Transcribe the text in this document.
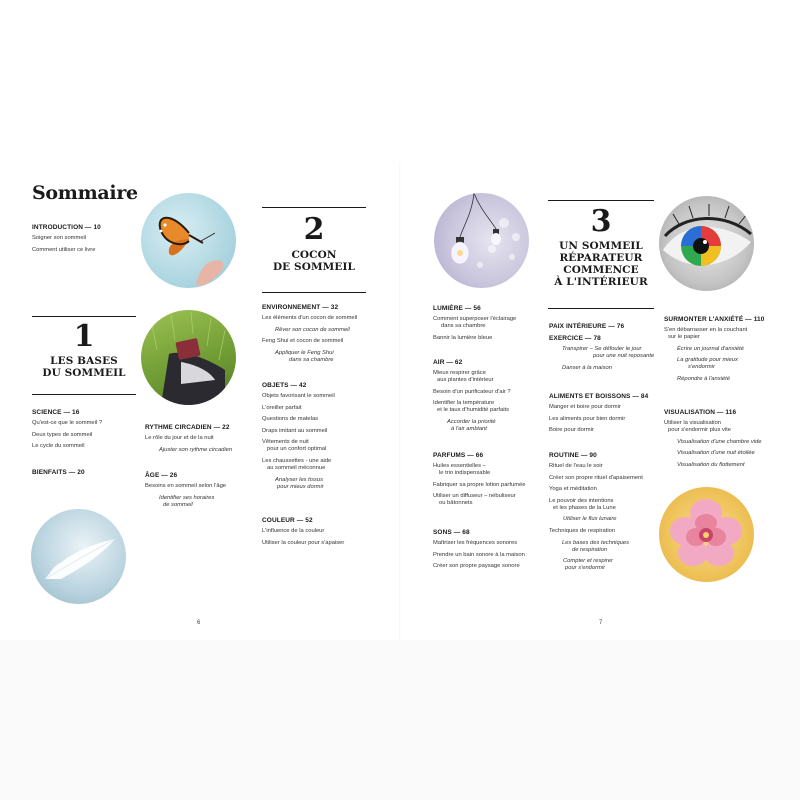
Sommaire
INTRODUCTION — 10
Soigner son sommeil
Comment utiliser ce livre
1
LES BASES
DU SOMMEIL
SCIENCE — 16
Qu'est-ce que le sommeil ?
Deux types de sommeil
Le cycle du sommeil
BIENFAITS — 20
RYTHME CIRCADIEN — 22
Le rôle du jour et de la nuit
Ajuster son rythme circadien
ÂGE — 26
Besoins en sommeil selon l'âge
Identifier ses horaires
de sommeil
2
COCON
DE SOMMEIL
ENVIRONNEMENT — 32
Les éléments d'un cocon de sommeil
Rêver son cocon de sommeil
Feng Shui et cocon de sommeil
Appliquer le Feng Shui
dans sa chambre
OBJETS — 42
Objets favorisant le sommeil
L'oreiller parfait
Questions de matelas
Draps imitant au sommeil
Vêtements de nuit
pour un confort optimal
Les chaussettes - une aide
au sommeil méconnue
Analyser les tissus
pour mieux dormir
COULEUR — 52
L'influence de la couleur
Utiliser la couleur pour s'apaiser
6
LUMIÈRE — 56
Comment superposer l'éclairage
dans sa chambre
Bannir la lumière bleue
AIR — 62
Mieux respirer grâce
aux plantes d'intérieur
Besoin d'un purificateur d'air ?
Identifier la température
et le taux d'humidité parfaits
Accorder la priorité
à l'air ambiant
PARFUMS — 66
Huiles essentielles –
le trio indispensable
Fabriquer sa propre lotion parfumée
Utiliser un diffuseur – nébuliseur
ou bâtonnets
SONS — 68
Maîtriser les fréquences sonores
Prendre un bain sonore à la maison
Créer son propre paysage sonore
3
UN SOMMEIL
RÉPARATEUR
COMMENCE
À L'INTÉRIEUR
PAIX INTÉRIEURE — 76
EXERCICE — 78
Transpirer – Se défouler le jour
pour une nuit reposante
Danser à la maison
ALIMENTS ET BOISSONS — 84
Manger et boire pour dormir
Les aliments pour bien dormir
Boire pour dormir
ROUTINE — 90
Rituel de l'eau le soir
Créer son propre rituel d'apaisement
Yoga et méditation
Le pouvoir des intentions
et les phases de la Lune
Utiliser le flux lunaire
Techniques de respiration
Les bases des techniques
de respiration
Compter et respirer
pour s'endormir
SURMONTER L'ANXIÉTÉ — 110
S'en débarrasser en la couchant
sur le papier
Écrire un journal d'anxiété
La gratitude pour mieux
s'endormir
Répondre à l'anxiété
VISUALISATION — 116
Utiliser la visualisation
pour s'endormir plus vite
Visualisation d'une chambre vide
Visualisation d'une nuit étoilée
Visualisation du flottement
7
